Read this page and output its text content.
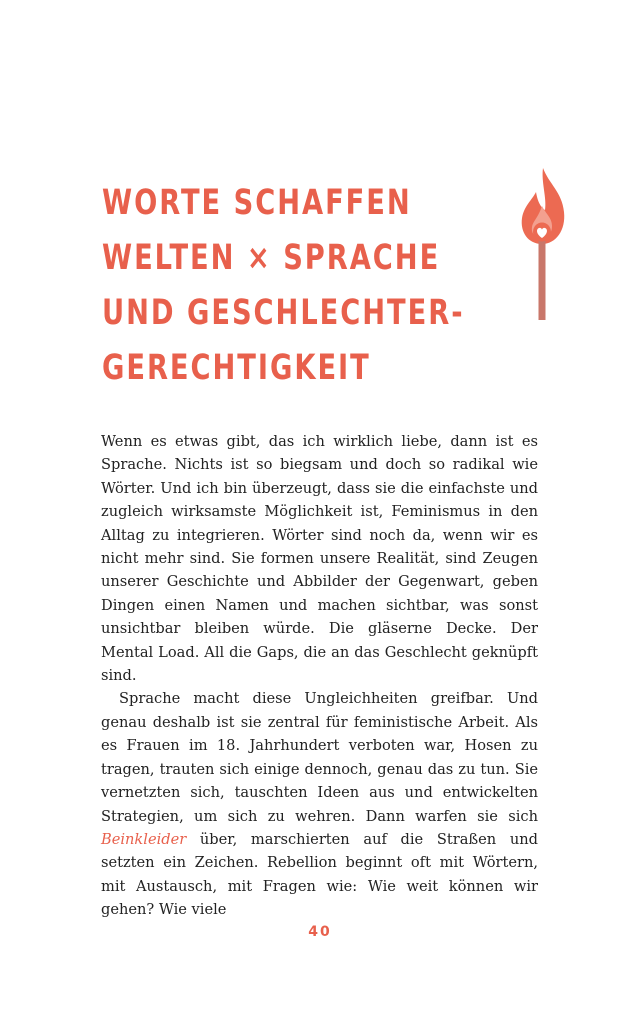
WORTE SCHAFFEN
WELTEN × SPRACHE
UND GESCHLECHTER-
GERECHTIGKEIT

Wenn es etwas gibt, das ich wirklich liebe, dann ist es Sprache. Nichts ist so biegsam und doch so radikal wie Wörter. Und ich bin überzeugt, dass sie die einfachste und zugleich wirksamste Möglichkeit ist, Feminismus in den Alltag zu integrieren. Wörter sind noch da, wenn wir es nicht mehr sind. Sie formen unsere Realität, sind Zeugen unserer Geschichte und Abbilder der Gegenwart, geben Dingen einen Namen und machen sichtbar, was sonst unsichtbar bleiben würde. Die gläserne Decke. Der Mental Load. All die Gaps, die an das Geschlecht geknüpft sind.

Sprache macht diese Ungleichheiten greifbar. Und genau deshalb ist sie zentral für feministische Arbeit. Als es Frauen im 18. Jahrhundert verboten war, Hosen zu tragen, trauten sich einige dennoch, genau das zu tun. Sie vernetzten sich, tauschten Ideen aus und entwickelten Strategien, um sich zu wehren. Dann warfen sie sich Beinkleider über, marschierten auf die Straßen und setzten ein Zeichen. Rebellion beginnt oft mit Wörtern, mit Austausch, mit Fragen wie: Wie weit können wir gehen? Wie viele

40
